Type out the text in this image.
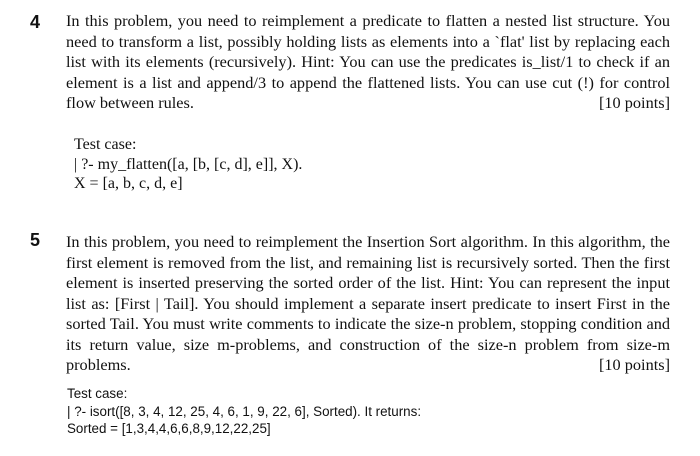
4 In this problem, you need to reimplement a predicate to flatten a nested list structure. You
need to transform a list, possibly holding lists as elements into a `flat' list by replacing each
list with its elements (recursively). Hint: You can use the predicates is_list/1 to check if an
element is a list and append/3 to append the flattened lists. You can use cut (!) for control
flow between rules.	[10 points]
Test case:
| ?- my_flatten([a, [b, [c, d], e]], X).
X = [a, b, c, d, e]
5 In this problem, you need to reimplement the Insertion Sort algorithm. In this algorithm, the
first element is removed from the list, and remaining list is recursively sorted. Then the first
element is inserted preserving the sorted order of the list. Hint: You can represent the input
list as: [First | Tail]. You should implement a separate insert predicate to insert First in the
sorted Tail. You must write comments to indicate the size-n problem, stopping condition and
its return value, size m-problems, and construction of the size-n problem from size-m
problems.	[10 points]
Test case:
| ?- isort([8, 3, 4, 12, 25, 4, 6, 1, 9, 22, 6], Sorted). It returns:
Sorted = [1,3,4,4,6,6,8,9,12,22,25]
